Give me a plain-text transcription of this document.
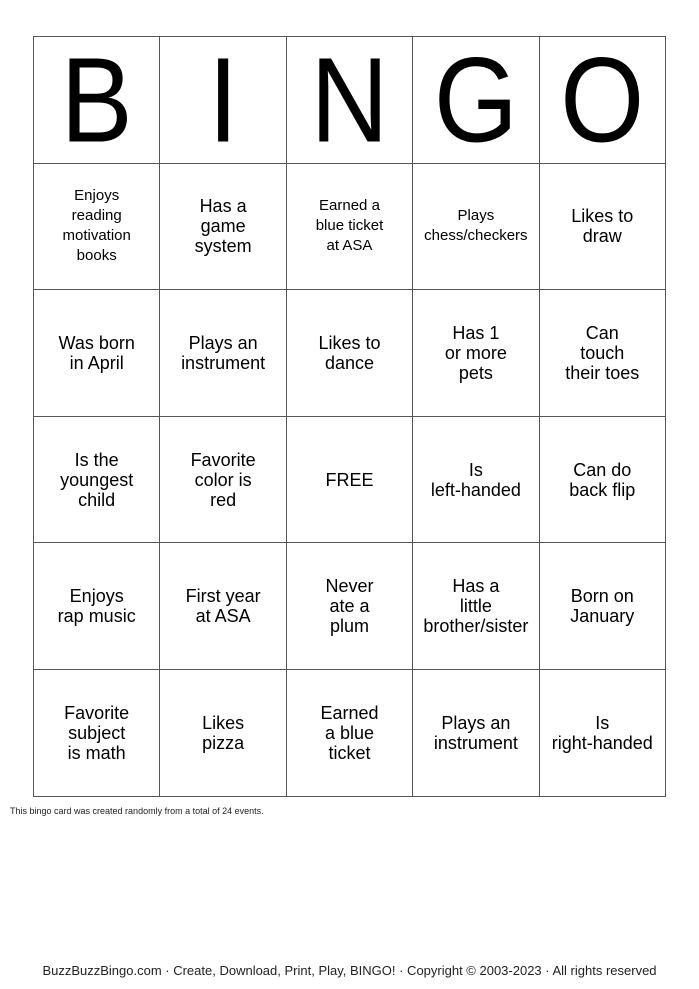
B	I	N	G	O

Enjoys
reading
motivation
books	Has a
game
system	Earned a
blue ticket
at ASA	Plays
chess/checkers	Likes to
draw

Was born
in April	Plays an
instrument	Likes to
dance	Has 1
or more
pets	Can
touch
their toes

Is the
youngest
child	Favorite
color is
red	FREE	Is
left-handed	Can do
back flip

Enjoys
rap music	First year
at ASA	Never
ate a
plum	Has a
little
brother/sister	Born on
January

Favorite
subject
is math	Likes
pizza	Earned
a blue
ticket	Plays an
instrument	Is
right-handed
This bingo card was created randomly from a total of 24 events.
BuzzBuzzBingo.com · Create, Download, Print, Play, BINGO! · Copyright © 2003-2023 · All rights reserved
